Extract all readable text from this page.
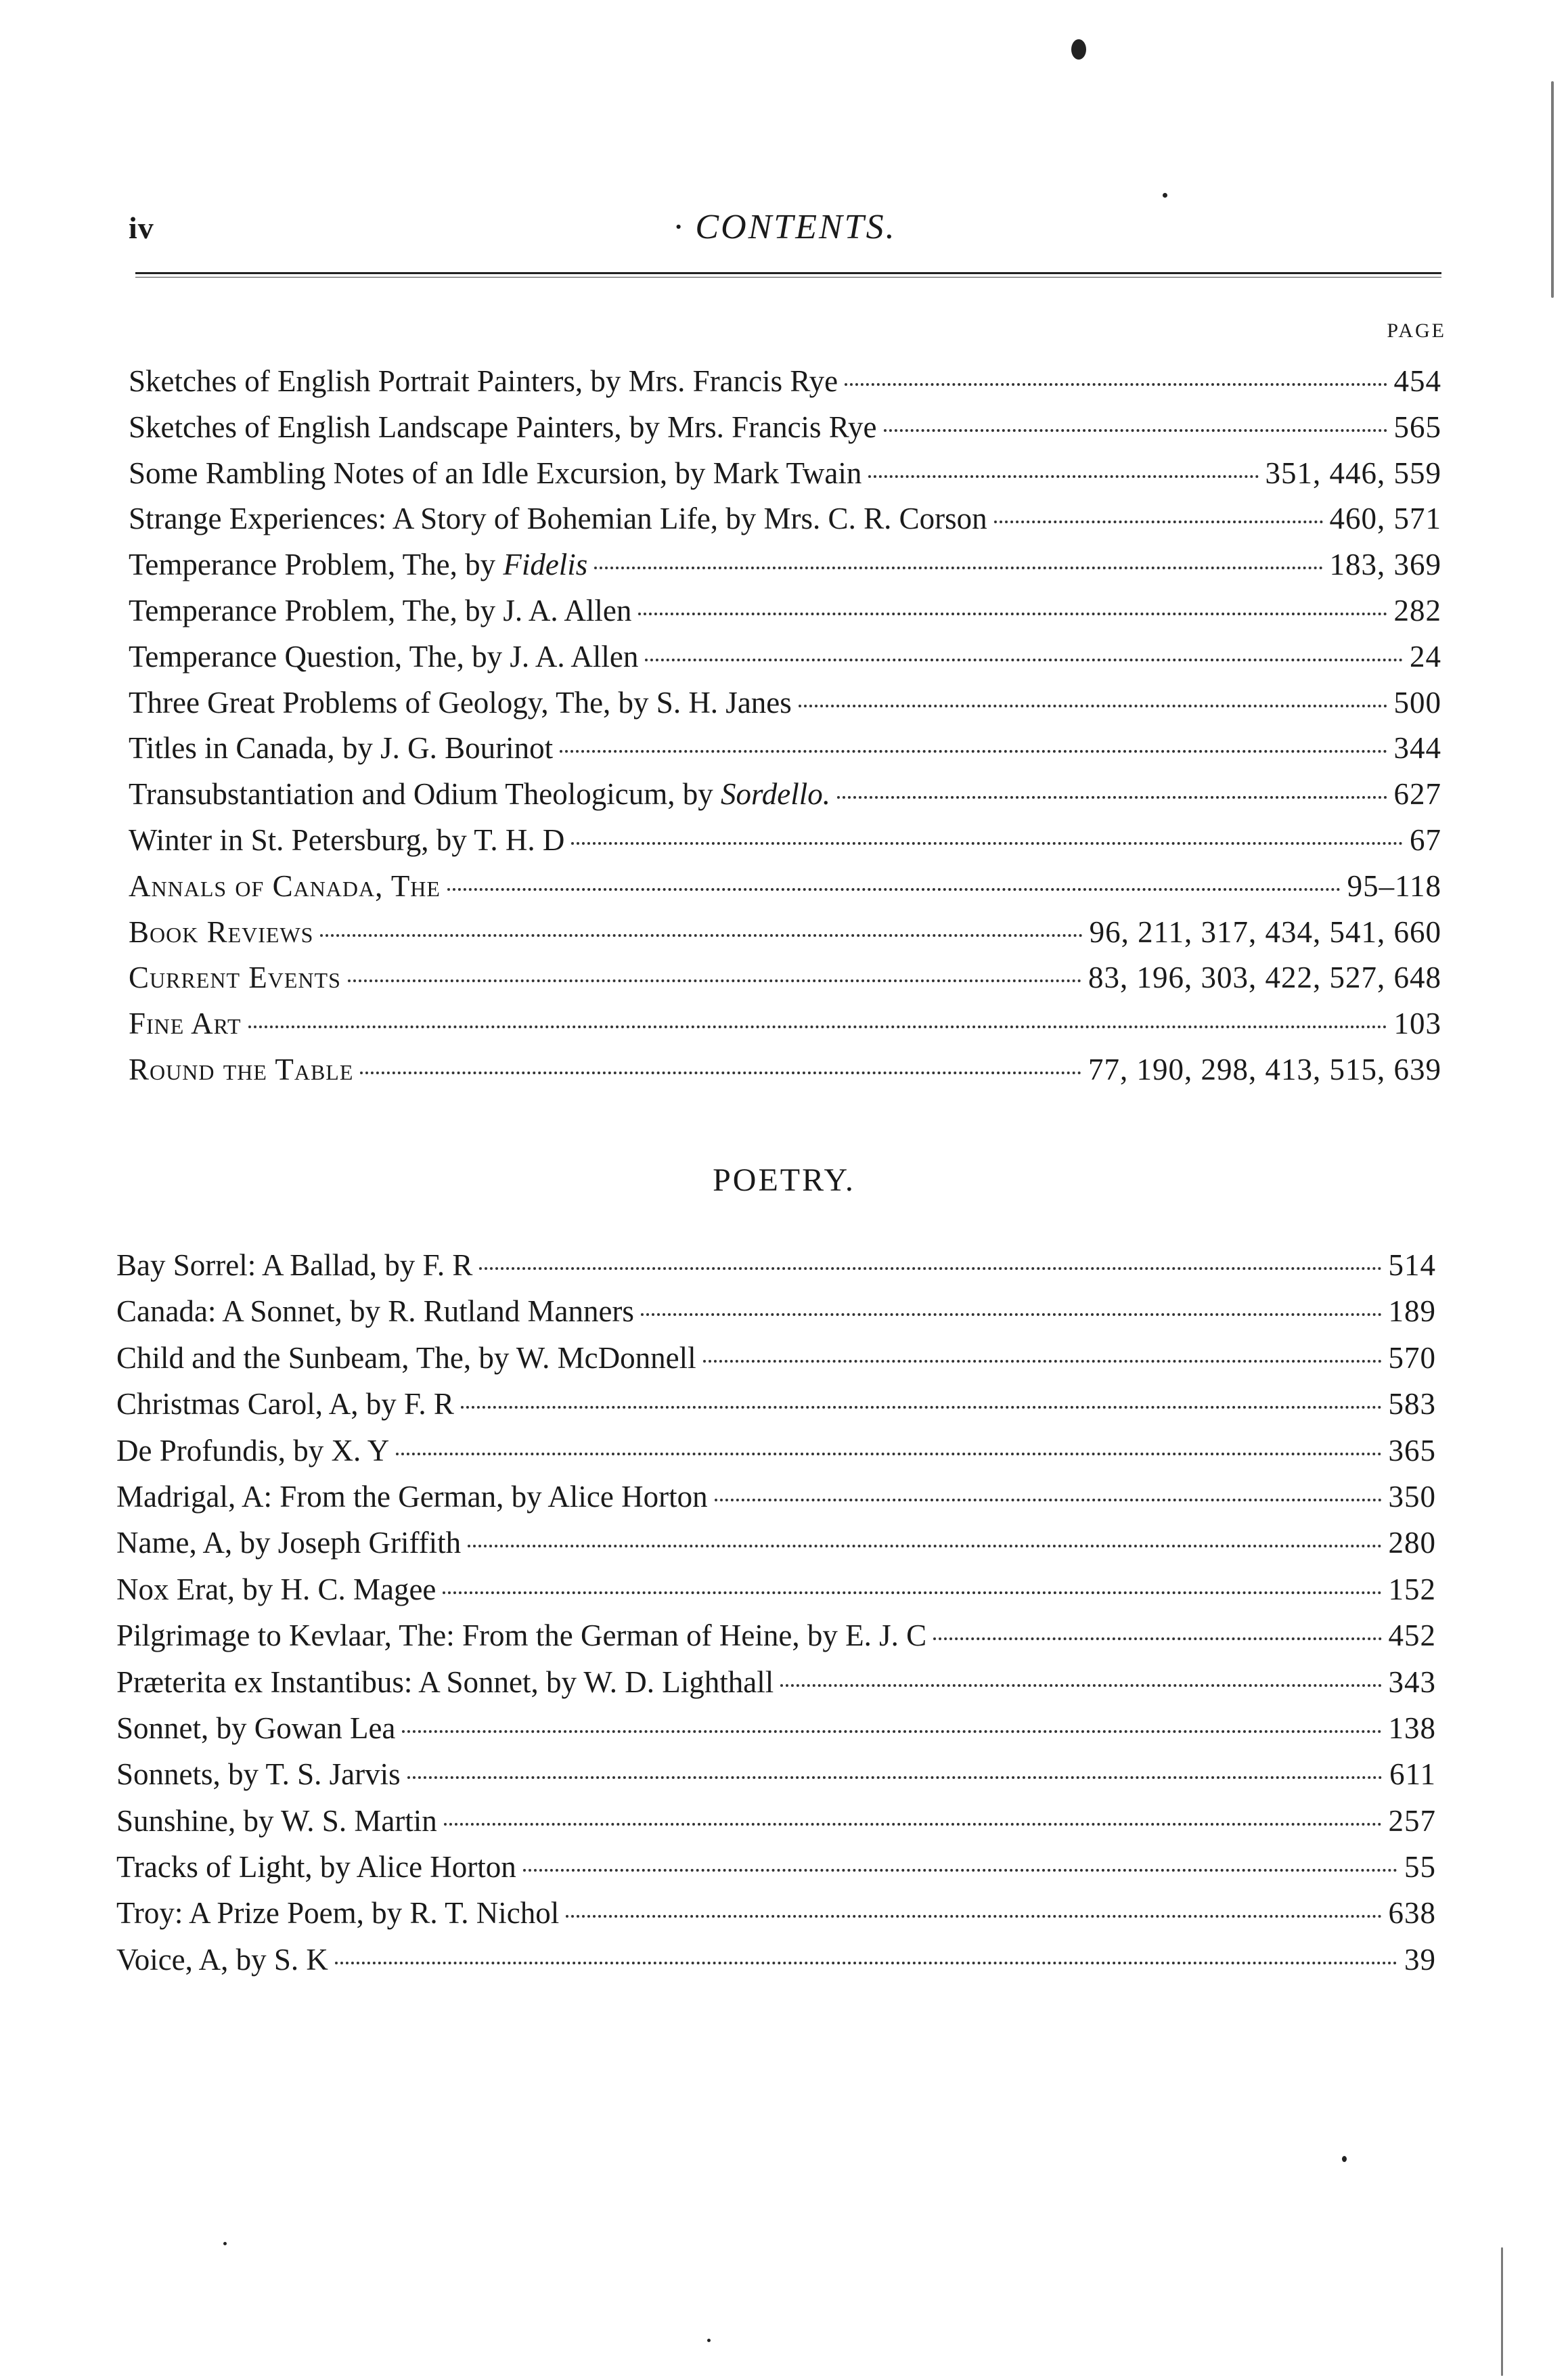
iv	· CONTENTS.
PAGE
Sketches of English Portrait Painters, by Mrs. Francis Rye	454
Sketches of English Landscape Painters, by Mrs. Francis Rye	565
Some Rambling Notes of an Idle Excursion, by Mark Twain	351, 446, 559
Strange Experiences: A Story of Bohemian Life, by Mrs. C. R. Corson	460, 571
Temperance Problem, The, by Fidelis	183, 369
Temperance Problem, The, by J. A. Allen	282
Temperance Question, The, by J. A. Allen	24
Three Great Problems of Geology, The, by S. H. Janes	500
Titles in Canada, by J. G. Bourinot	344
Transubstantiation and Odium Theologicum, by Sordello.	627
Winter in St. Petersburg, by T. H. D	67
Annals of Canada, The	95–118
Book Reviews	96, 211, 317, 434, 541, 660
Current Events	83, 196, 303, 422, 527, 648
Fine Art	103
Round the Table	77, 190, 298, 413, 515, 639
POETRY.
Bay Sorrel: A Ballad, by F. R	514
Canada: A Sonnet, by R. Rutland Manners	189
Child and the Sunbeam, The, by W. McDonnell	570
Christmas Carol, A, by F. R	583
De Profundis, by X. Y	365
Madrigal, A: From the German, by Alice Horton	350
Name, A, by Joseph Griffith	280
Nox Erat, by H. C. Magee	152
Pilgrimage to Kevlaar, The: From the German of Heine, by E. J. C	452
Præterita ex Instantibus: A Sonnet, by W. D. Lighthall	343
Sonnet, by Gowan Lea	138
Sonnets, by T. S. Jarvis	611
Sunshine, by W. S. Martin	257
Tracks of Light, by Alice Horton	55
Troy: A Prize Poem, by R. T. Nichol	638
Voice, A, by S. K	39
